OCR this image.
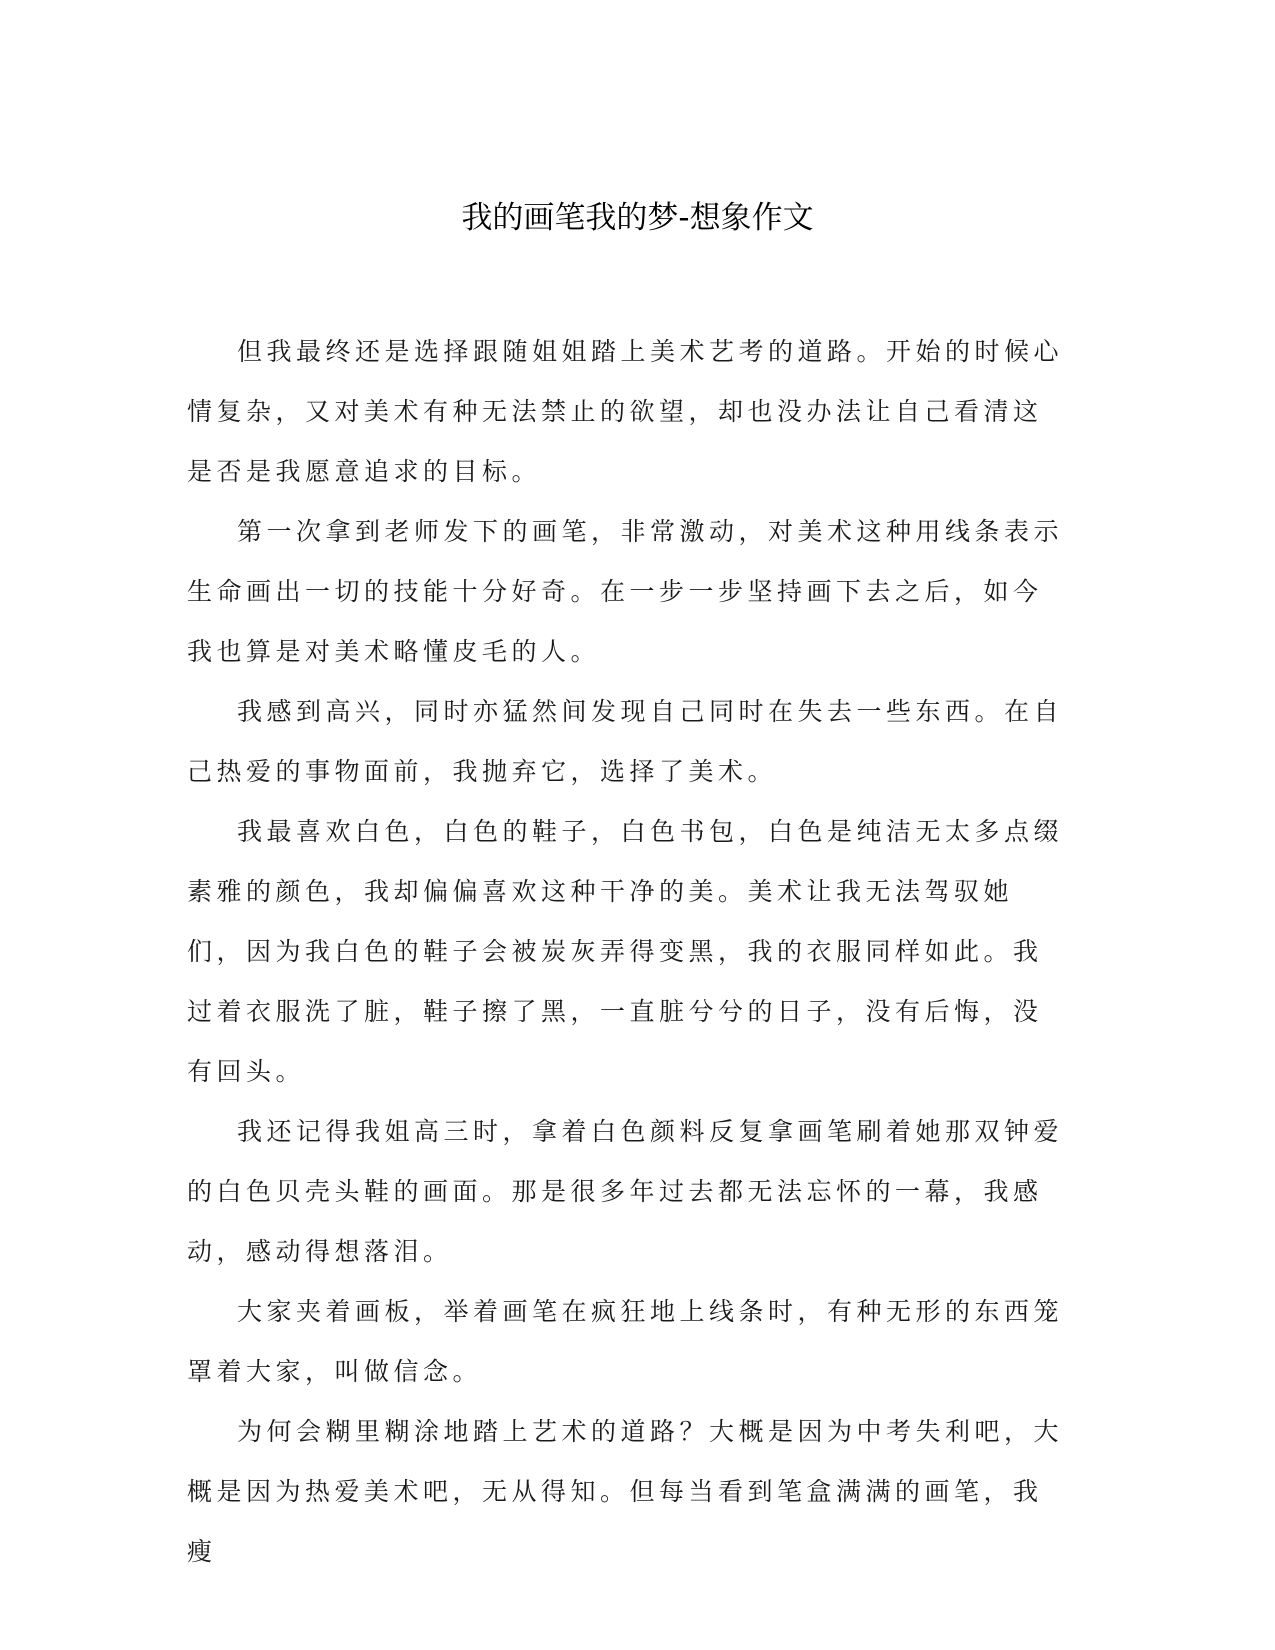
我的画笔我的梦-想象作文

但我最终还是选择跟随姐姐踏上美术艺考的道路。开始的时候心情复杂，又对美术有种无法禁止的欲望，却也没办法让自己看清这是否是我愿意追求的目标。

第一次拿到老师发下的画笔，非常激动，对美术这种用线条表示生命画出一切的技能十分好奇。在一步一步坚持画下去之后，如今我也算是对美术略懂皮毛的人。

我感到高兴，同时亦猛然间发现自己同时在失去一些东西。在自己热爱的事物面前，我抛弃它，选择了美术。

我最喜欢白色，白色的鞋子，白色书包，白色是纯洁无太多点缀素雅的颜色，我却偏偏喜欢这种干净的美。美术让我无法驾驭她们，因为我白色的鞋子会被炭灰弄得变黑，我的衣服同样如此。我过着衣服洗了脏，鞋子擦了黑，一直脏兮兮的日子，没有后悔，没有回头。

我还记得我姐高三时，拿着白色颜料反复拿画笔刷着她那双钟爱的白色贝壳头鞋的画面。那是很多年过去都无法忘怀的一幕，我感动，感动得想落泪。

大家夹着画板，举着画笔在疯狂地上线条时，有种无形的东西笼罩着大家，叫做信念。

为何会糊里糊涂地踏上艺术的道路？大概是因为中考失利吧，大概是因为热爱美术吧，无从得知。但每当看到笔盒满满的画笔，我瘦
